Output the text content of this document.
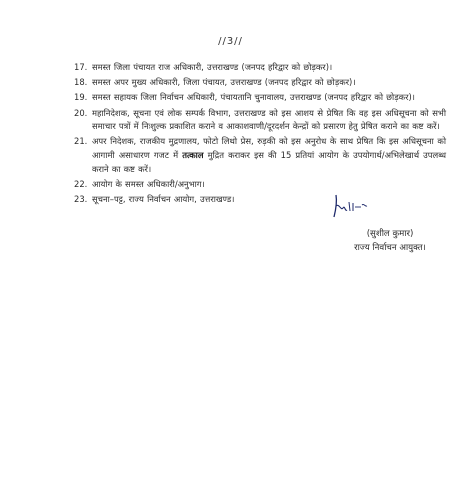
//3//
17. समस्त जिला पंचायत राज अधिकारी, उत्तराखण्ड (जनपद हरिद्वार को छोड़कर)।
18. समस्त अपर मुख्य अधिकारी, जिला पंचायत, उत्तराखण्ड (जनपद हरिद्वार को छोड़कर)।
19. समस्त सहायक जिला निर्वाचन अधिकारी, पंचायतानि चुनावालय, उत्तराखण्ड (जनपद हरिद्वार को छोड़कर)।
20. महानिदेशक, सूचना एवं लोक सम्पर्क विभाग, उत्तराखण्ड को इस आशय से प्रेषित कि वह इस अधिसूचना को सभी समाचार पत्रों में निःशुल्क प्रकाशित कराने व आकाशवाणी/दूरदर्शन केन्द्रों को प्रसारण हेतु प्रेषित कराने का कष्ट करें।
21. अपर निदेशक, राजकीय मुद्रणालय, फोटो लिथो प्रेस, रुड़की को इस अनुरोध के साथ प्रेषित कि इस अधिसूचना को आगामी असाधारण गजट में तत्काल मुद्रित कराकर इस की 15 प्रतियां आयोग के उपयोगार्थ/अभिलेखार्थ उपलब्ध कराने का कष्ट करें।
22. आयोग के समस्त अधिकारी/अनुभाग।
23. सूचना–पट्ट, राज्य निर्वाचन आयोग, उत्तराखण्ड।
(सुशील कुमार)
राज्य निर्वाचन आयुक्त।
